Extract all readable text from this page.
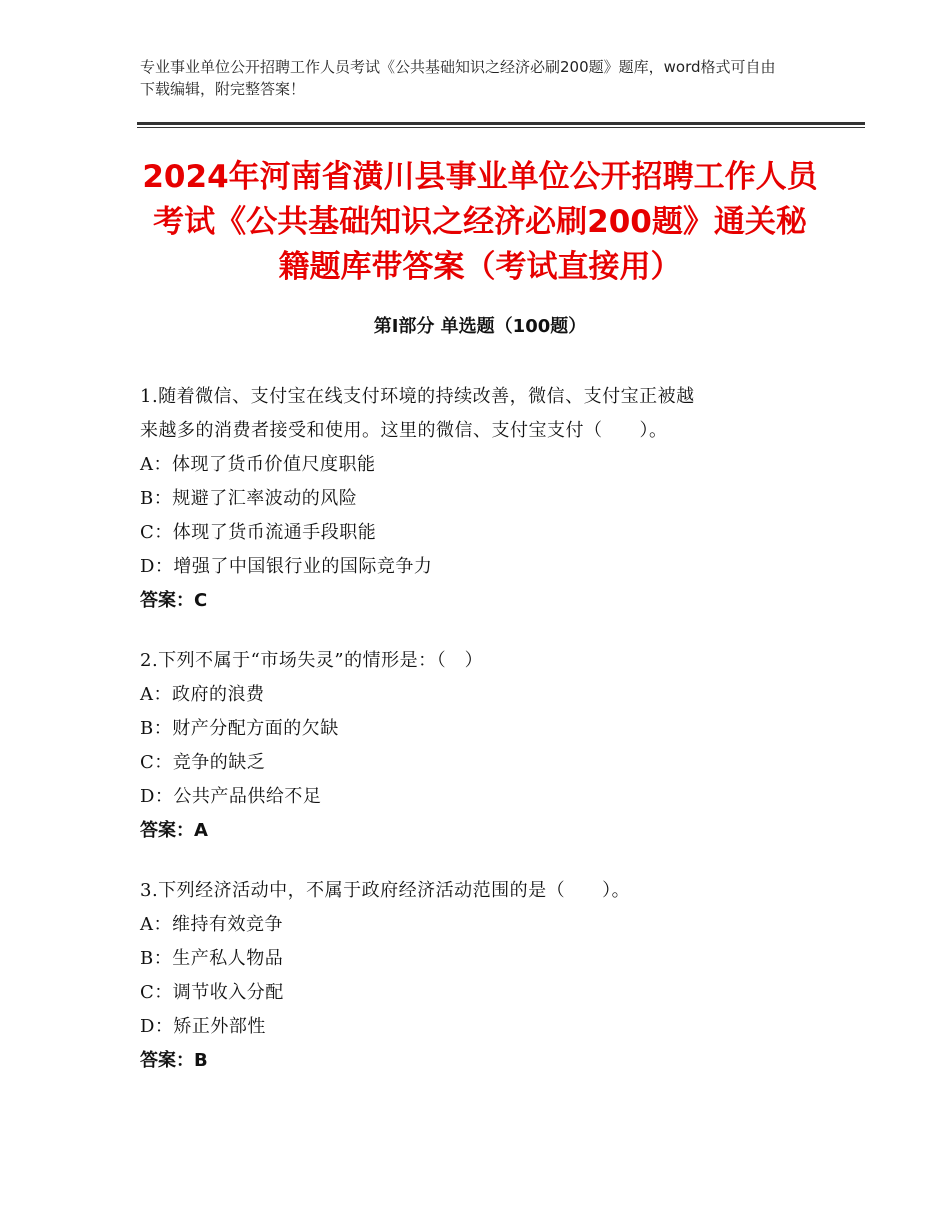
专业事业单位公开招聘工作人员考试《公共基础知识之经济必刷200题》题库，word格式可自由下载编辑，附完整答案！
2024年河南省潢川县事业单位公开招聘工作人员考试《公共基础知识之经济必刷200题》通关秘籍题库带答案（考试直接用）
第Ⅰ部分 单选题（100题）
1.随着微信、支付宝在线支付环境的持续改善，微信、支付宝正被越
来越多的消费者接受和使用。这里的微信、支付宝支付（　　）。
A：体现了货币价值尺度职能
B：规避了汇率波动的风险
C：体现了货币流通手段职能
D：增强了中国银行业的国际竞争力
答案：C
2.下列不属于“市场失灵”的情形是：（　）
A：政府的浪费
B：财产分配方面的欠缺
C：竞争的缺乏
D：公共产品供给不足
答案：A
3.下列经济活动中，不属于政府经济活动范围的是（　　）。
A：维持有效竞争
B：生产私人物品
C：调节收入分配
D：矫正外部性
答案：B
